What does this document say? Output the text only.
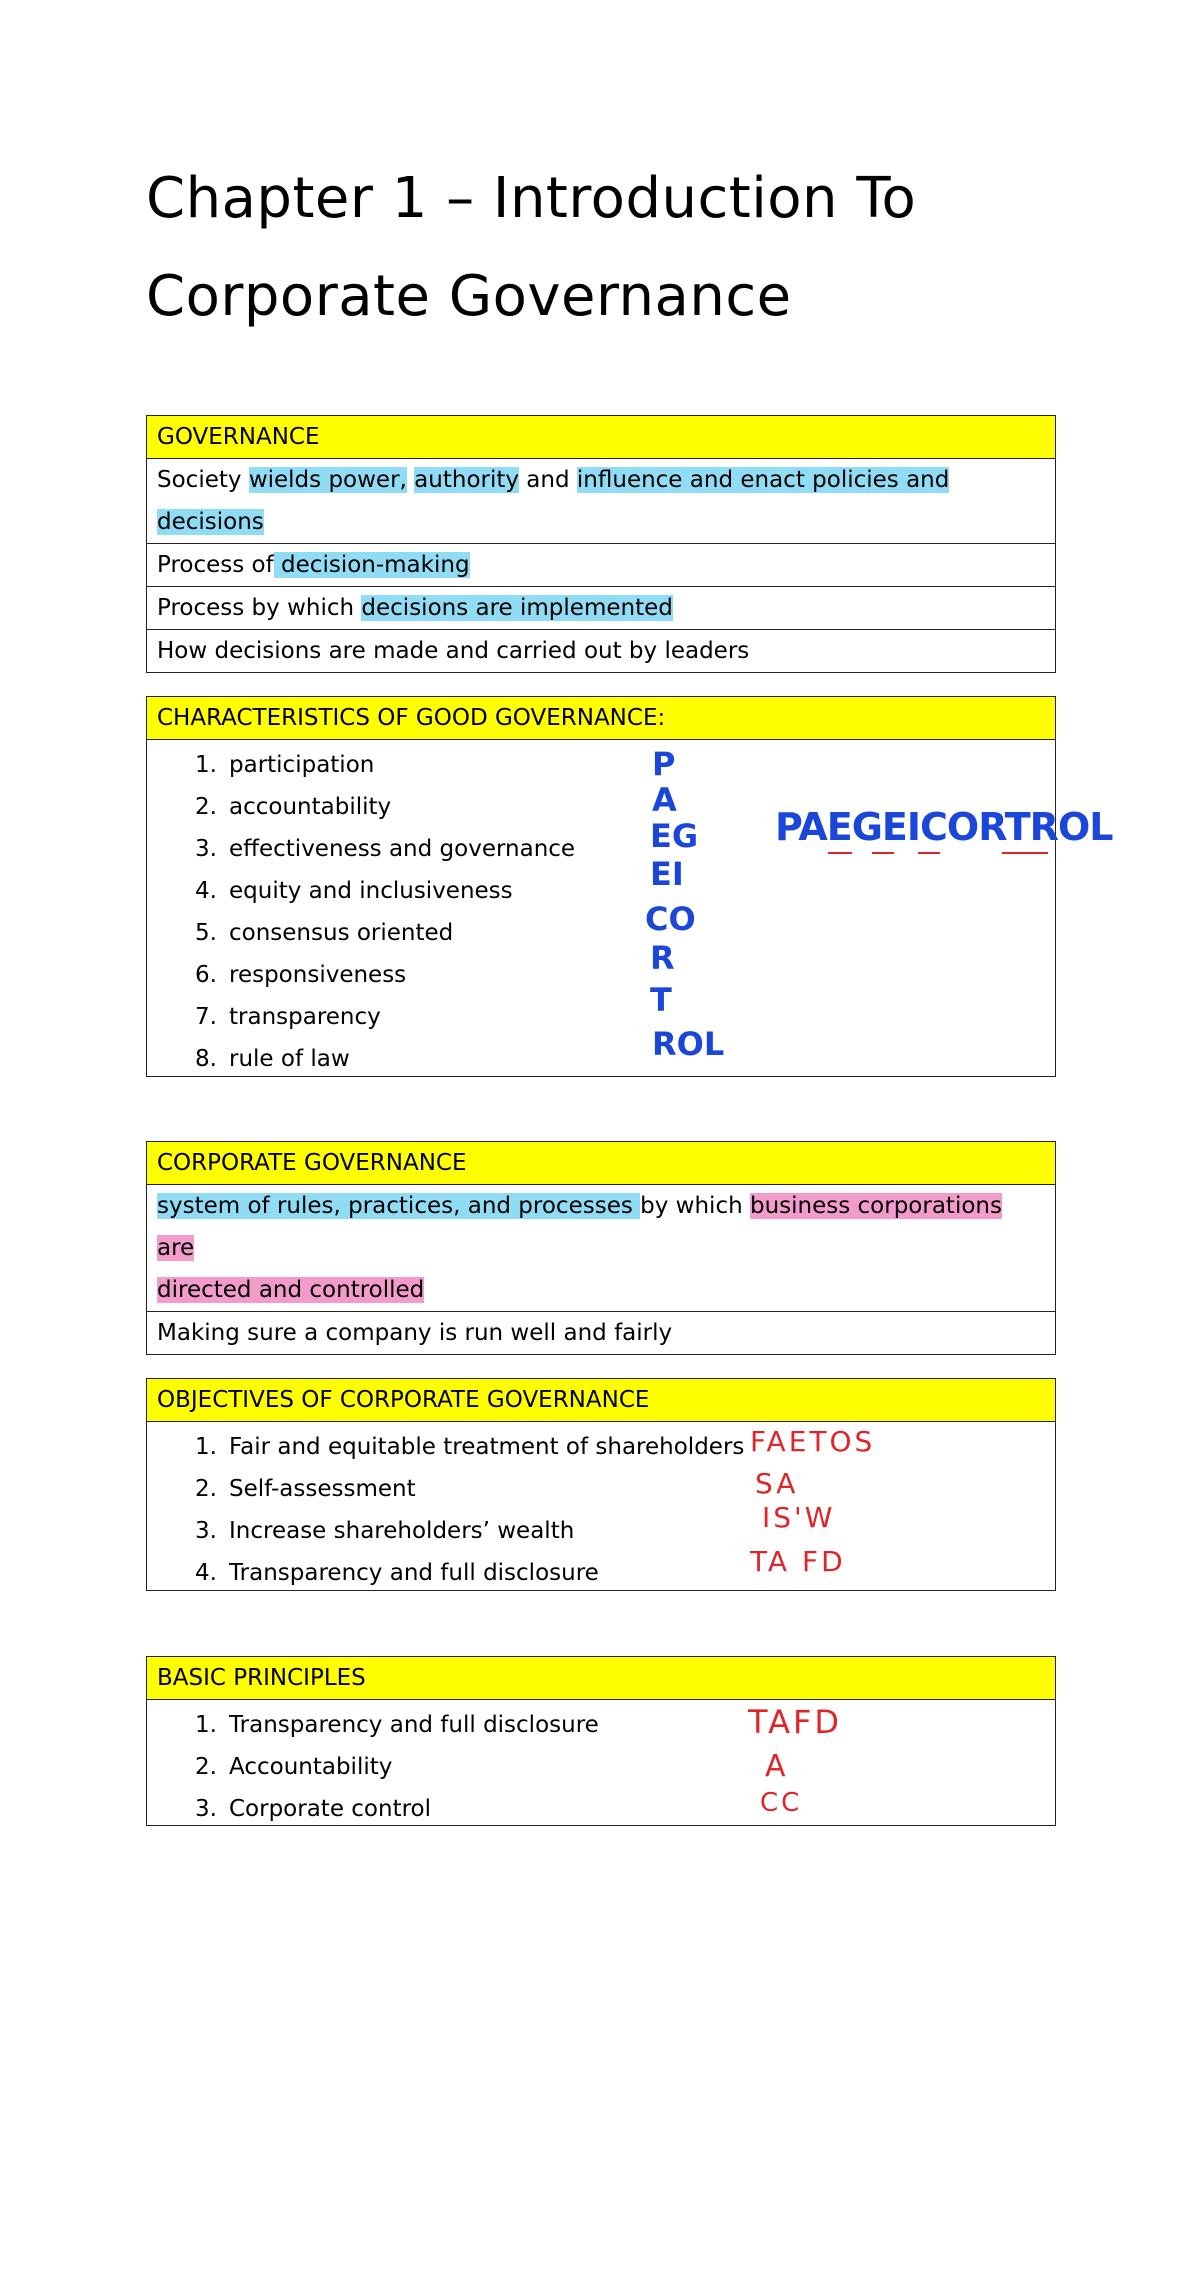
Chapter 1 – Introduction To
Corporate Governance
GOVERNANCE
Society wields power, authority and influence and enact policies and decisions
Process of decision-making
Process by which decisions are implemented
How decisions are made and carried out by leaders
CHARACTERISTICS OF GOOD GOVERNANCE:
1. participation
2. accountability
3. effectiveness and governance
4. equity and inclusiveness
5. consensus oriented
6. responsiveness
7. transparency
8. rule of law
P
A
EG
EI
CO
R
T
ROL
PAEGEICORTROL
CORPORATE GOVERNANCE
system of rules, practices, and processes by which business corporations are
directed and controlled
Making sure a company is run well and fairly
OBJECTIVES OF CORPORATE GOVERNANCE
1. Fair and equitable treatment of shareholders
2. Self-assessment
3. Increase shareholders’ wealth
4. Transparency and full disclosure
FAETOS
SA
IS'W
TA FD
BASIC PRINCIPLES
1. Transparency and full disclosure
2. Accountability
3. Corporate control
TAFD
A
CC
